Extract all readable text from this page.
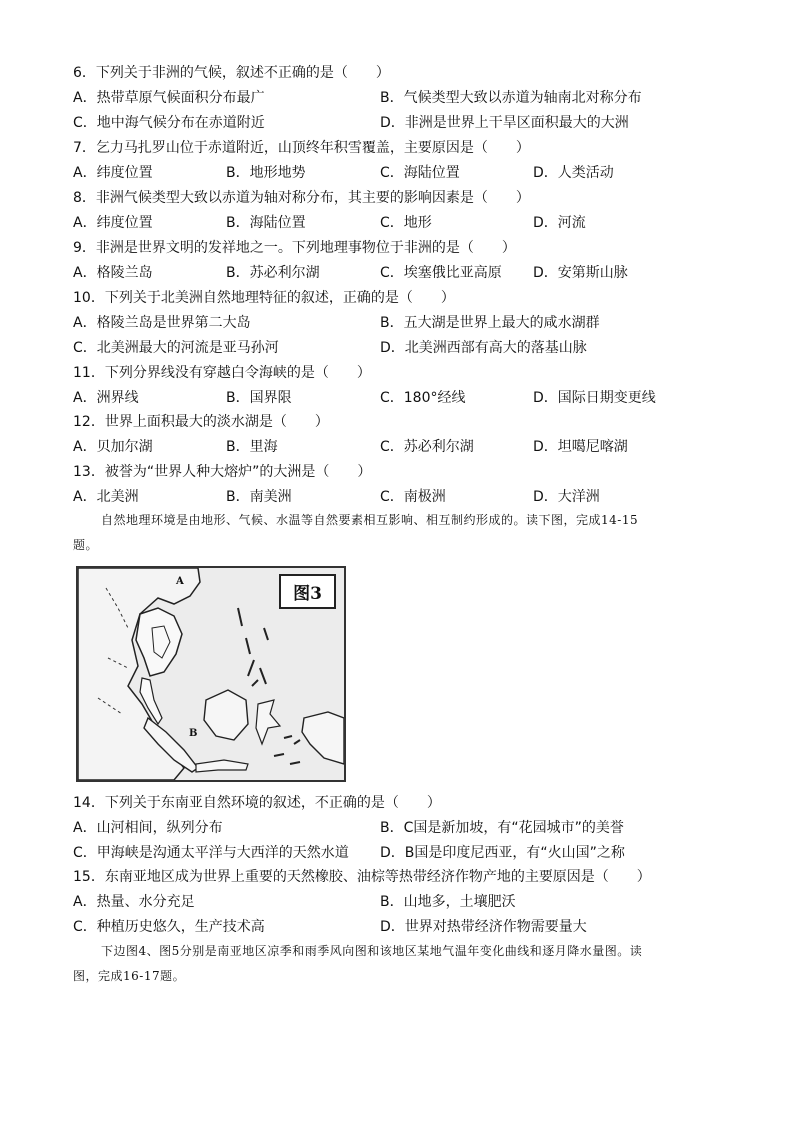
6．下列关于非洲的气候，叙述不正确的是（　　）
A．热带草原气候面积分布最广	B．气候类型大致以赤道为轴南北对称分布
C．地中海气候分布在赤道附近	D．非洲是世界上干旱区面积最大的大洲
7．乞力马扎罗山位于赤道附近，山顶终年积雪覆盖，主要原因是（　　）
A．纬度位置	B．地形地势	C．海陆位置	D．人类活动
8．非洲气候类型大致以赤道为轴对称分布，其主要的影响因素是（　　）
A．纬度位置	B．海陆位置	C．地形	D．河流
9．非洲是世界文明的发祥地之一。下列地理事物位于非洲的是（　　）
A．格陵兰岛	B．苏必利尔湖	C．埃塞俄比亚高原 D．安第斯山脉
10．下列关于北美洲自然地理特征的叙述，正确的是（　　）
A．格陵兰岛是世界第二大岛	B．五大湖是世界上最大的咸水湖群
C．北美洲最大的河流是亚马孙河	D．北美洲西部有高大的落基山脉
11．下列分界线没有穿越白令海峡的是（　　）
A．洲界线	B．国界限	C．180°经线	D．国际日期变更线
12．世界上面积最大的淡水湖是（　　）
A．贝加尔湖	B．里海	C．苏必利尔湖	D．坦噶尼喀湖
13．被誉为“世界人种大熔炉”的大洲是（　　）
A．北美洲	B．南美洲	C．南极洲	D．大洋洲
自然地理环境是由地形、气候、水温等自然要素相互影响、相互制约形成的。读下图，完成14-15
题。
A
B
图3
14．下列关于东南亚自然环境的叙述，不正确的是（　　）
A．山河相间，纵列分布	B．C国是新加坡，有“花园城市”的美誉
C．甲海峡是沟通太平洋与大西洋的天然水道 D．B国是印度尼西亚，有“火山国”之称
15．东南亚地区成为世界上重要的天然橡胶、油棕等热带经济作物产地的主要原因是（　　）
A．热量、水分充足	B．山地多，土壤肥沃
C．种植历史悠久，生产技术高	D．世界对热带经济作物需要量大
下边图4、图5分别是南亚地区凉季和雨季风向图和该地区某地气温年变化曲线和逐月降水量图。读
图，完成16-17题。
